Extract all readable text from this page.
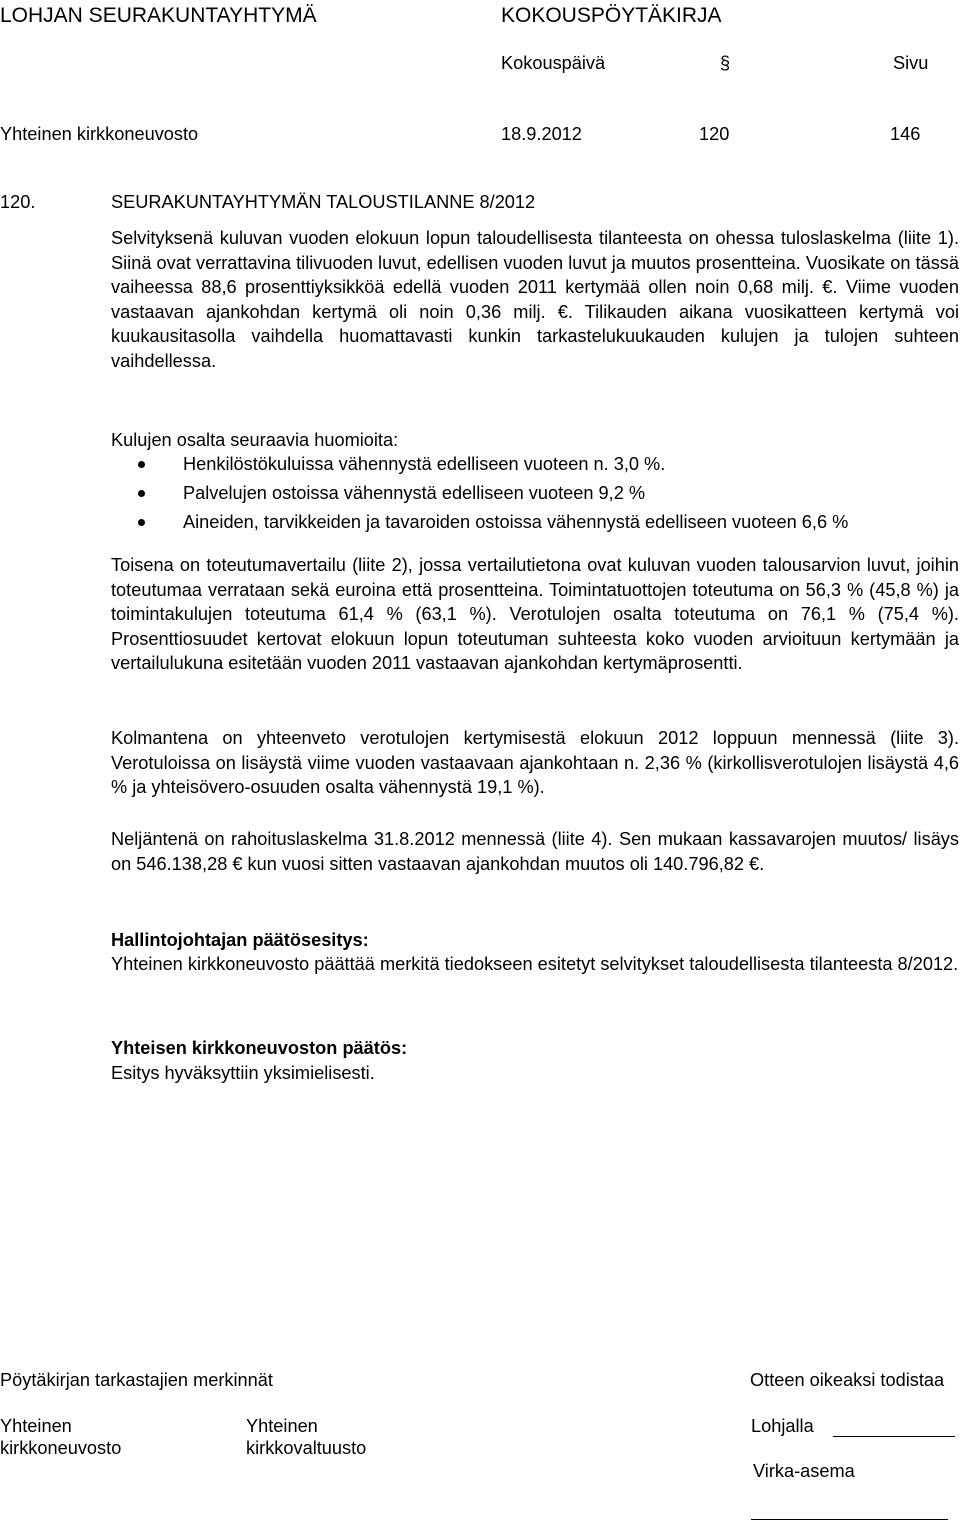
LOHJAN SEURAKUNTAYHTYMÄ	KOKOUSPÖYTÄKIRJA
Kokouspäivä	§	Sivu
Yhteinen kirkkoneuvosto	18.9.2012	120	146
120.	SEURAKUNTAYHTYMÄN TALOUSTILANNE 8/2012
Selvityksenä kuluvan vuoden elokuun lopun taloudellisesta tilanteesta on ohessa tuloslaskelma (liite 1). Siinä ovat verrattavina tilivuoden luvut, edellisen vuoden luvut ja muutos prosentteina. Vuosikate on tässä vaiheessa 88,6 prosenttiyksikköä edellä vuoden 2011 kertymää ollen noin 0,68 milj. €. Viime vuoden vastaavan ajankohdan kertymä oli noin 0,36 milj. €. Tilikauden aikana vuosikatteen kertymä voi kuukausitasolla vaihdella huomattavasti kunkin tarkastelukuukauden kulujen ja tulojen suhteen vaihdellessa.
Kulujen osalta seuraavia huomioita:
Henkilöstökuluissa vähennystä edelliseen vuoteen n. 3,0 %.
Palvelujen ostoissa vähennystä edelliseen vuoteen 9,2 %
Aineiden, tarvikkeiden ja tavaroiden ostoissa vähennystä edelliseen vuoteen 6,6 %
Toisena on toteutumavertailu (liite 2), jossa vertailutietona ovat kuluvan vuoden talousarvion luvut, joihin toteutumaa verrataan sekä euroina että prosentteina. Toimintatuottojen toteutuma on 56,3 % (45,8 %) ja toimintakulujen toteutuma 61,4 % (63,1 %). Verotulojen osalta toteutuma on 76,1 % (75,4 %). Prosenttiosuudet kertovat elokuun lopun toteutuman suhteesta koko vuoden arvioituun kertymään ja vertailulukuna esitetään vuoden 2011 vastaavan ajankohdan kertymäprosentti.
Kolmantena on yhteenveto verotulojen kertymisestä elokuun 2012 loppuun mennessä (liite 3). Verotuloissa on lisäystä viime vuoden vastaavaan ajankohtaan n. 2,36 % (kirkollisverotulojen lisäystä 4,6 % ja yhteisövero-osuuden osalta vähennystä 19,1 %).
Neljäntenä on rahoituslaskelma 31.8.2012 mennessä (liite 4). Sen mukaan kassavarojen muutos/ lisäys on 546.138,28 € kun vuosi sitten vastaavan ajankohdan muutos oli 140.796,82 €.
Hallintojohtajan päätösesitys:
Yhteinen kirkkoneuvosto päättää merkitä tiedokseen esitetyt selvitykset taloudellisesta tilanteesta 8/2012.
Yhteisen kirkkoneuvoston päätös:
Esitys hyväksyttiin yksimielisesti.
Pöytäkirjan tarkastajien merkinnät	Otteen oikeaksi todistaa
Yhteinen
kirkkoneuvosto
Yhteinen
kirkkovaltuusto
Lohjalla
Virka-asema
